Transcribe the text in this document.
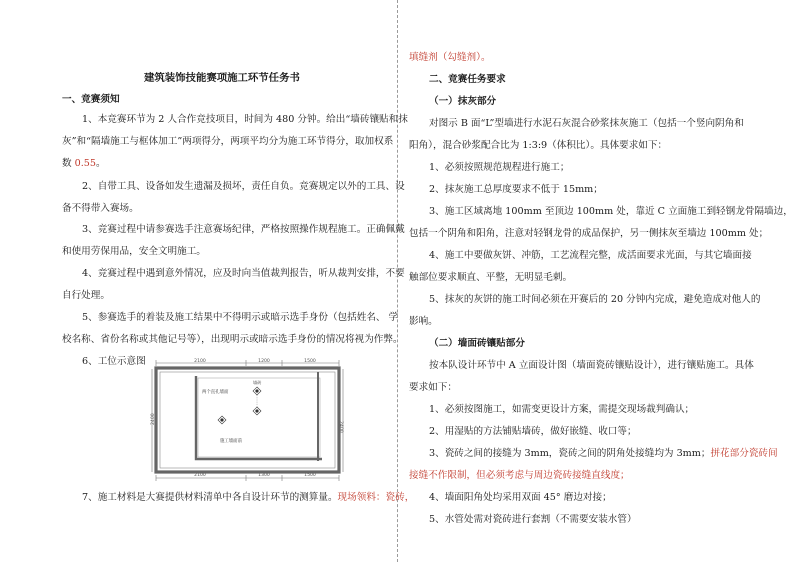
建筑装饰技能赛项施工环节任务书
一、竞赛须知
1、本竞赛环节为 2 人合作竞技项目，时间为 480 分钟。给出“墙砖镶贴和抹
灰”和“隔墙施工与框体加工”两项得分，两项平均分为施工环节得分，取加权系
数 0.55。
2、自带工具、设备如发生遗漏及损坏，责任自负。竞赛规定以外的工具、设
备不得带入赛场。
3、竞赛过程中请参赛选手注意赛场纪律，严格按照操作规程施工。正确佩戴
和使用劳保用品，安全文明施工。
4、竞赛过程中遇到意外情况，应及时向当值裁判报告，听从裁判安排，不要
自行处理。
5、参赛选手的着装及施工结果中不得明示或暗示选手身份（包括姓名、 学
校名称、省份名称或其他记号等），出现明示或暗示选手身份的情况将视为作弊。
6、工位示意图
7、施工材料是大赛提供材料清单中各自设计环节的测算量。现场领料：瓷砖，
2100	1200	1500
2100	1300	1500
2400
2400
两个直孔墙面
施工墙面前
墙砖
填缝剂（勾缝剂）。
二、竞赛任务要求
（一）抹灰部分
对图示 B 面“L”型墙进行水泥石灰混合砂浆抹灰施工（包括一个竖向阴角和
阳角），混合砂浆配合比为 1:3:9（体积比）。具体要求如下：
1、必须按照规范规程进行施工；
2、抹灰施工总厚度要求不低于 15mm；
3、施工区域离地 100mm 至顶边 100mm 处，靠近 C 立面施工到轻钢龙骨隔墙边，
包括一个阴角和阳角，注意对轻钢龙骨的成品保护，另一侧抹灰至墙边 100mm 处；
4、施工中要做灰饼、冲筋，工艺流程完整，成活面要求光面，与其它墙面接
触部位要求顺直、平整，无明显毛刺。
5、抹灰的灰饼的施工时间必须在开赛后的 20 分钟内完成，避免造成对他人的
影响。
（二）墙面砖镶贴部分
按本队设计环节中 A 立面设计图（墙面瓷砖镶贴设计），进行镶贴施工。具体
要求如下：
1、必须按图施工，如需变更设计方案，需提交现场裁判确认；
2、用湿贴的方法铺贴墙砖，做好嵌缝、收口等；
3、瓷砖之间的接缝为 3mm，瓷砖之间的阴角处接缝均为 3mm；拼花部分瓷砖间
接缝不作限制，但必须考虑与周边瓷砖接缝直线度；
4、墙面阳角处均采用双面 45° 磨边对接；
5、水管处需对瓷砖进行套割（不需要安装水管）
